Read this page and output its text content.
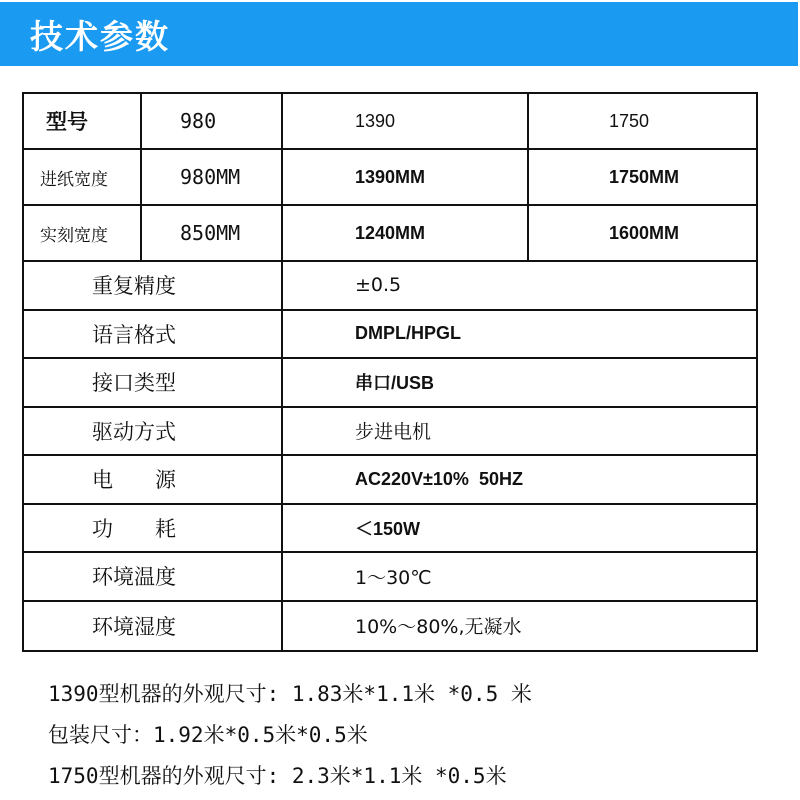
技术参数
型号	980	1390	1750
进纸宽度	980MM	1390MM	1750MM
实刻宽度	850MM	1240MM	1600MM
重复精度	±0.5
语言格式	DMPL/HPGL
接口类型	串口/USB
驱动方式	步进电机
电　　源	AC220V±10%  50HZ
功　　耗	＜150W
环境温度	1～30℃
环境湿度	10%～80%,无凝水
1390型机器的外观尺寸: 1.83米*1.1米 *0.5 米
包装尺寸：1.92米*0.5米*0.5米
1750型机器的外观尺寸: 2.3米*1.1米 *0.5米
